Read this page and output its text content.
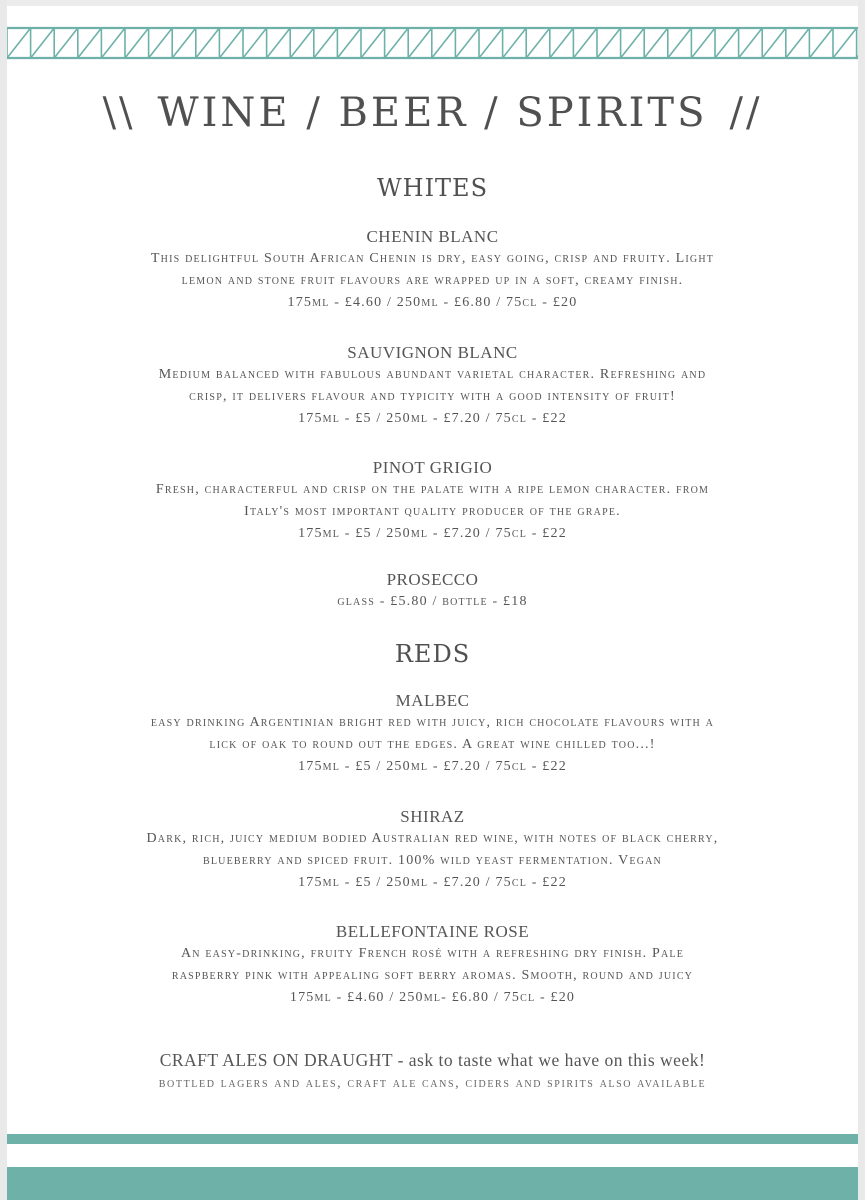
\\ WINE / BEER / SPIRITS //
WHITES
CHENIN BLANC
This delightful South African Chenin is dry, easy going, crisp and fruity. Light
lemon and stone fruit flavours are wrapped up in a soft, creamy finish.
175ml - £4.60 / 250ml - £6.80 / 75cl - £20
SAUVIGNON BLANC
Medium balanced with fabulous abundant varietal character. Refreshing and
crisp, it delivers flavour and typicity with a good intensity of fruit!
175ml - £5 / 250ml - £7.20 / 75cl - £22
PINOT GRIGIO
Fresh, characterful and crisp on the palate with a ripe lemon character. from
Italy's most important quality producer of the grape.
175ml - £5 / 250ml - £7.20 / 75cl - £22
PROSECCO
glass - £5.80 / bottle - £18
REDS
MALBEC
easy drinking Argentinian bright red with juicy, rich chocolate flavours with a
lick of oak to round out the edges. A great wine chilled too...!
175ml - £5 / 250ml - £7.20 / 75cl - £22
SHIRAZ
Dark, rich, juicy medium bodied Australian red wine, with notes of black cherry,
blueberry and spiced fruit. 100% wild yeast fermentation. Vegan
175ml - £5 / 250ml - £7.20 / 75cl - £22
BELLEFONTAINE ROSE
An easy-drinking, fruity French rosé with a refreshing dry finish. Pale
raspberry pink with appealing soft berry aromas. Smooth, round and juicy
175ml - £4.60 / 250ml- £6.80 / 75cl - £20
CRAFT ALES ON DRAUGHT - ask to taste what we have on this week!
bottled lagers and ales, craft ale cans, ciders and spirits also available
